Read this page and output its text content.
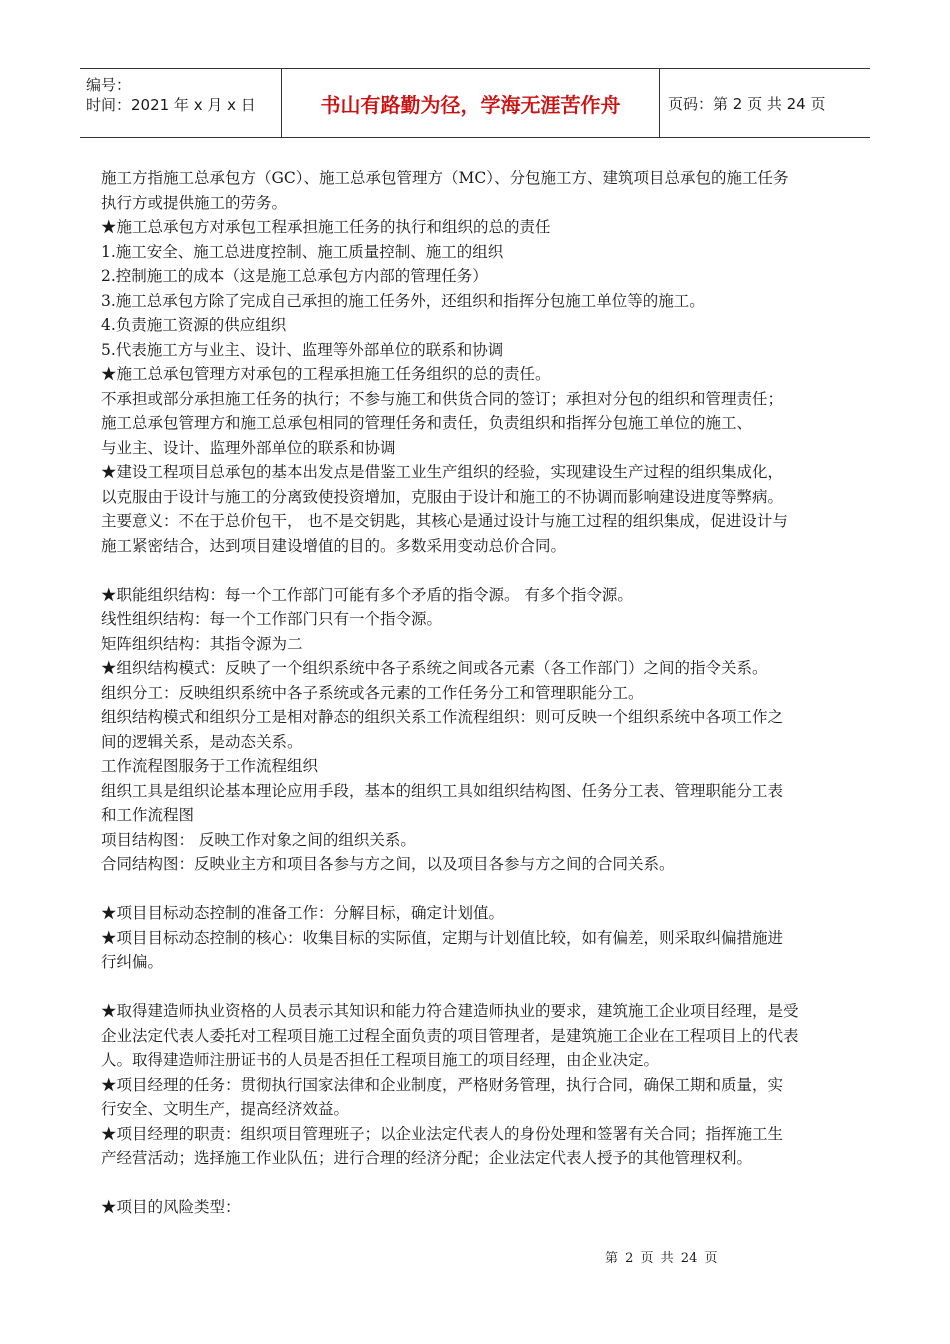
编号：
时间：2021 年 x 月 x 日	书山有路勤为径，学海无涯苦作舟	页码：第 2 页 共 24 页
施工方指施工总承包方（GC）、施工总承包管理方（MC）、分包施工方、建筑项目总承包的施工任务
执行方或提供施工的劳务。
★施工总承包方对承包工程承担施工任务的执行和组织的总的责任
1.施工安全、施工总进度控制、施工质量控制、施工的组织
2.控制施工的成本（这是施工总承包方内部的管理任务）
3.施工总承包方除了完成自己承担的施工任务外，还组织和指挥分包施工单位等的施工。
4.负责施工资源的供应组织
5.代表施工方与业主、设计、监理等外部单位的联系和协调
★施工总承包管理方对承包的工程承担施工任务组织的总的责任。
不承担或部分承担施工任务的执行；不参与施工和供货合同的签订；承担对分包的组织和管理责任；
施工总承包管理方和施工总承包相同的管理任务和责任，负责组织和指挥分包施工单位的施工、
与业主、设计、监理外部单位的联系和协调
★建设工程项目总承包的基本出发点是借鉴工业生产组织的经验，实现建设生产过程的组织集成化，
以克服由于设计与施工的分离致使投资增加，克服由于设计和施工的不协调而影响建设进度等弊病。
主要意义：不在于总价包干， 也不是交钥匙，其核心是通过设计与施工过程的组织集成，促进设计与
施工紧密结合，达到项目建设增值的目的。多数采用变动总价合同。
★职能组织结构：每一个工作部门可能有多个矛盾的指令源。 有多个指令源。
线性组织结构：每一个工作部门只有一个指令源。
矩阵组织结构：其指令源为二
★组织结构模式：反映了一个组织系统中各子系统之间或各元素（各工作部门）之间的指令关系。
组织分工：反映组织系统中各子系统或各元素的工作任务分工和管理职能分工。
组织结构模式和组织分工是相对静态的组织关系工作流程组织：则可反映一个组织系统中各项工作之
间的逻辑关系，是动态关系。
工作流程图服务于工作流程组织
组织工具是组织论基本理论应用手段，基本的组织工具如组织结构图、任务分工表、管理职能分工表
和工作流程图
项目结构图： 反映工作对象之间的组织关系。
合同结构图：反映业主方和项目各参与方之间，以及项目各参与方之间的合同关系。
★项目目标动态控制的准备工作：分解目标，确定计划值。
★项目目标动态控制的核心：收集目标的实际值，定期与计划值比较，如有偏差，则采取纠偏措施进
行纠偏。
★取得建造师执业资格的人员表示其知识和能力符合建造师执业的要求，建筑施工企业项目经理，是受
企业法定代表人委托对工程项目施工过程全面负责的项目管理者，是建筑施工企业在工程项目上的代表
人。取得建造师注册证书的人员是否担任工程项目施工的项目经理，由企业决定。
★项目经理的任务：贯彻执行国家法律和企业制度，严格财务管理，执行合同，确保工期和质量，实
行安全、文明生产，提高经济效益。
★项目经理的职责：组织项目管理班子；以企业法定代表人的身份处理和签署有关合同；指挥施工生
产经营活动；选择施工作业队伍；进行合理的经济分配；企业法定代表人授予的其他管理权利。
★项目的风险类型：
第 2 页 共 24 页
